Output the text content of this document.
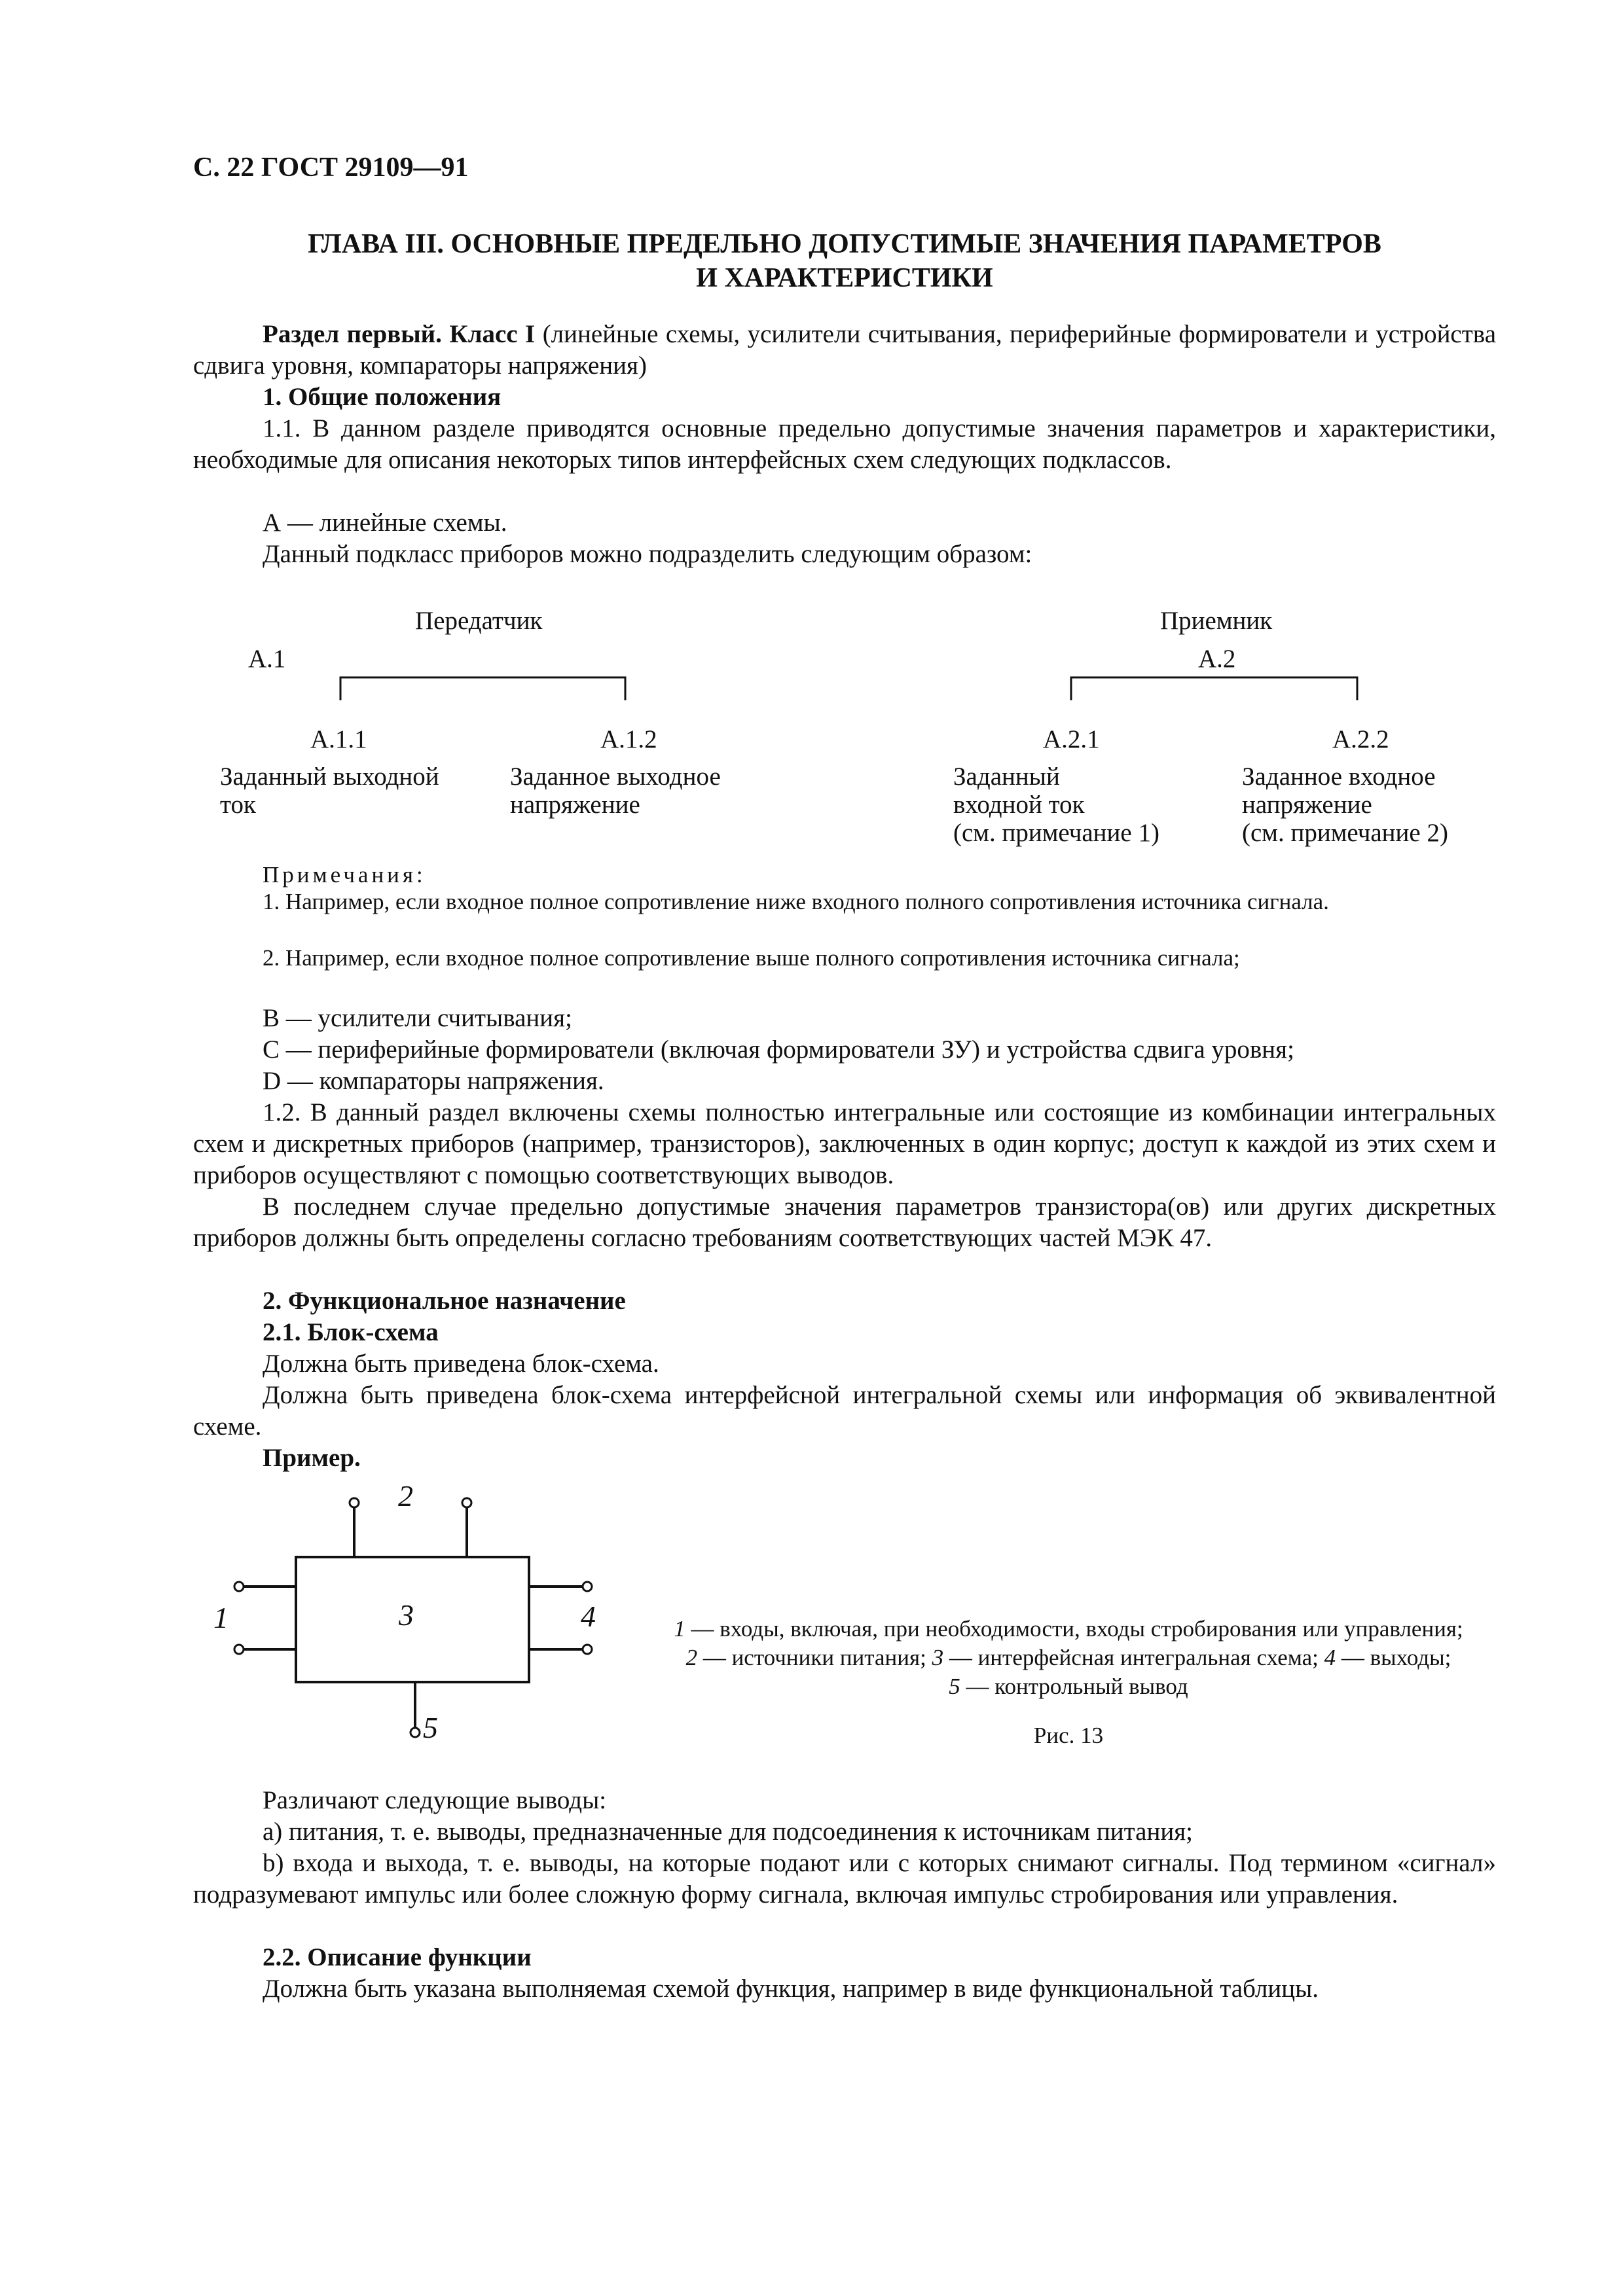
С. 22 ГОСТ 29109—91
ГЛАВА III. ОСНОВНЫЕ ПРЕДЕЛЬНО ДОПУСТИМЫЕ ЗНАЧЕНИЯ ПАРАМЕТРОВ
И ХАРАКТЕРИСТИКИ
Раздел первый. Класс I (линейные схемы, усилители считывания, периферийные формирователи и устройства сдвига уровня, компараторы напряжения)
1. Общие положения
1.1. В данном разделе приводятся основные предельно допустимые значения параметров и характеристики, необходимые для описания некоторых типов интерфейсных схем следующих подклассов.
А — линейные схемы.
Данный подкласс приборов можно подразделить следующим образом:
Передатчик	Приемник
A.1	A.2
A.1.1	A.1.2	A.2.1	A.2.2
Заданный выходной
ток
Заданное выходное
напряжение
Заданный
входной ток
(см. примечание 1)
Заданное входное
напряжение
(см. примечание 2)
Примечания:
1. Например, если входное полное сопротивление ниже входного полного сопротивления источника сигнала.
2. Например, если входное полное сопротивление выше полного сопротивления источника сигнала;
В — усилители считывания;
С — периферийные формирователи (включая формирователи ЗУ) и устройства сдвига уровня;
D — компараторы напряжения.
1.2. В данный раздел включены схемы полностью интегральные или состоящие из комбинации интегральных схем и дискретных приборов (например, транзисторов), заключенных в один корпус; доступ к каждой из этих схем и приборов осуществляют с помощью соответствующих выводов.
В последнем случае предельно допустимые значения параметров транзистора(ов) или других дискретных приборов должны быть определены согласно требованиям соответствующих частей МЭК 47.
2. Функциональное назначение
2.1. Блок-схема
Должна быть приведена блок-схема.
Должна быть приведена блок-схема интерфейсной интегральной схемы или информация об эквивалентной схеме.
Пример.
1
2
3	4
5
1 — входы, включая, при необходимости, входы стробирования или управления;
2 — источники питания; 3 — интерфейсная интегральная схема; 4 — выходы;
5 — контрольный вывод
Рис. 13
Различают следующие выводы:
а) питания, т. е. выводы, предназначенные для подсоединения к источникам питания;
b) входа и выхода, т. е. выводы, на которые подают или с которых снимают сигналы. Под термином «сигнал» подразумевают импульс или более сложную форму сигнала, включая импульс стробирования или управления.
2.2. Описание функции
Должна быть указана выполняемая схемой функция, например в виде функциональной таблицы.
